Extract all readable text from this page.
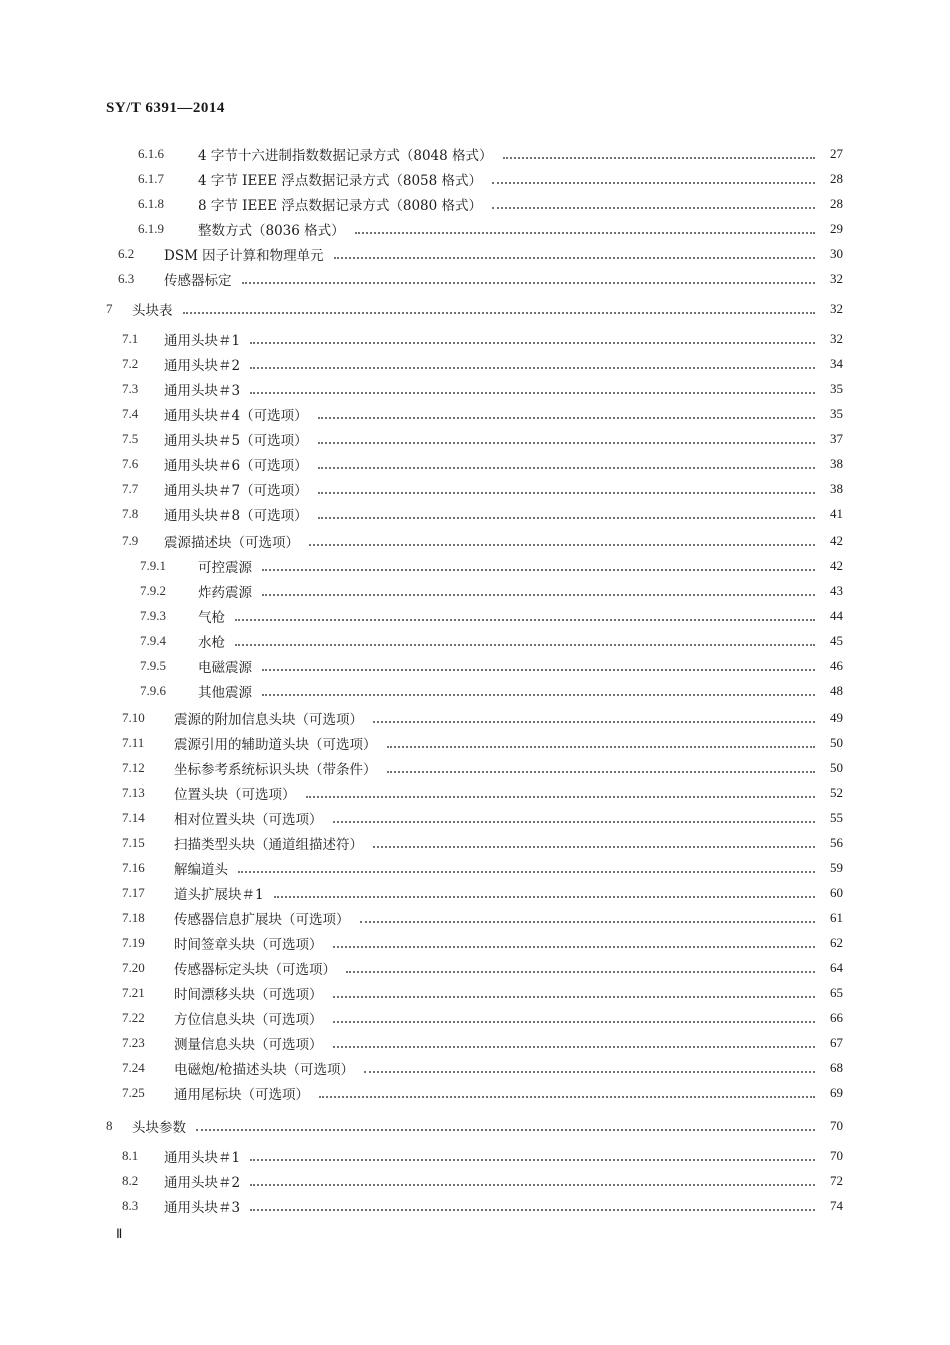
SY/T 6391—2014
6.1.6	4 字节十六进制指数数据记录方式（8048 格式）	27
6.1.7	4 字节 IEEE 浮点数据记录方式（8058 格式）	28
6.1.8	8 字节 IEEE 浮点数据记录方式（8080 格式）	28
6.1.9	整数方式（8036 格式）	29
6.2	DSM 因子计算和物理单元	30
6.3	传感器标定	32
7	头块表	32
7.1	通用头块＃1	32
7.2	通用头块＃2	34
7.3	通用头块＃3	35
7.4	通用头块＃4（可选项）	35
7.5	通用头块＃5（可选项）	37
7.6	通用头块＃6（可选项）	38
7.7	通用头块＃7（可选项）	38
7.8	通用头块＃8（可选项）	41
7.9	震源描述块（可选项）	42
7.9.1	可控震源	42
7.9.2	炸药震源	43
7.9.3	气枪	44
7.9.4	水枪	45
7.9.5	电磁震源	46
7.9.6	其他震源	48
7.10	震源的附加信息头块（可选项）	49
7.11	震源引用的辅助道头块（可选项）	50
7.12	坐标参考系统标识头块（带条件）	50
7.13	位置头块（可选项）	52
7.14	相对位置头块（可选项）	55
7.15	扫描类型头块（通道组描述符）	56
7.16	解编道头	59
7.17	道头扩展块＃1	60
7.18	传感器信息扩展块（可选项）	61
7.19	时间签章头块（可选项）	62
7.20	传感器标定头块（可选项）	64
7.21	时间漂移头块（可选项）	65
7.22	方位信息头块（可选项）	66
7.23	测量信息头块（可选项）	67
7.24	电磁炮/枪描述头块（可选项）	68
7.25	通用尾标块（可选项）	69
8	头块参数	70
8.1	通用头块＃1	70
8.2	通用头块＃2	72
8.3	通用头块＃3	74
Ⅱ
